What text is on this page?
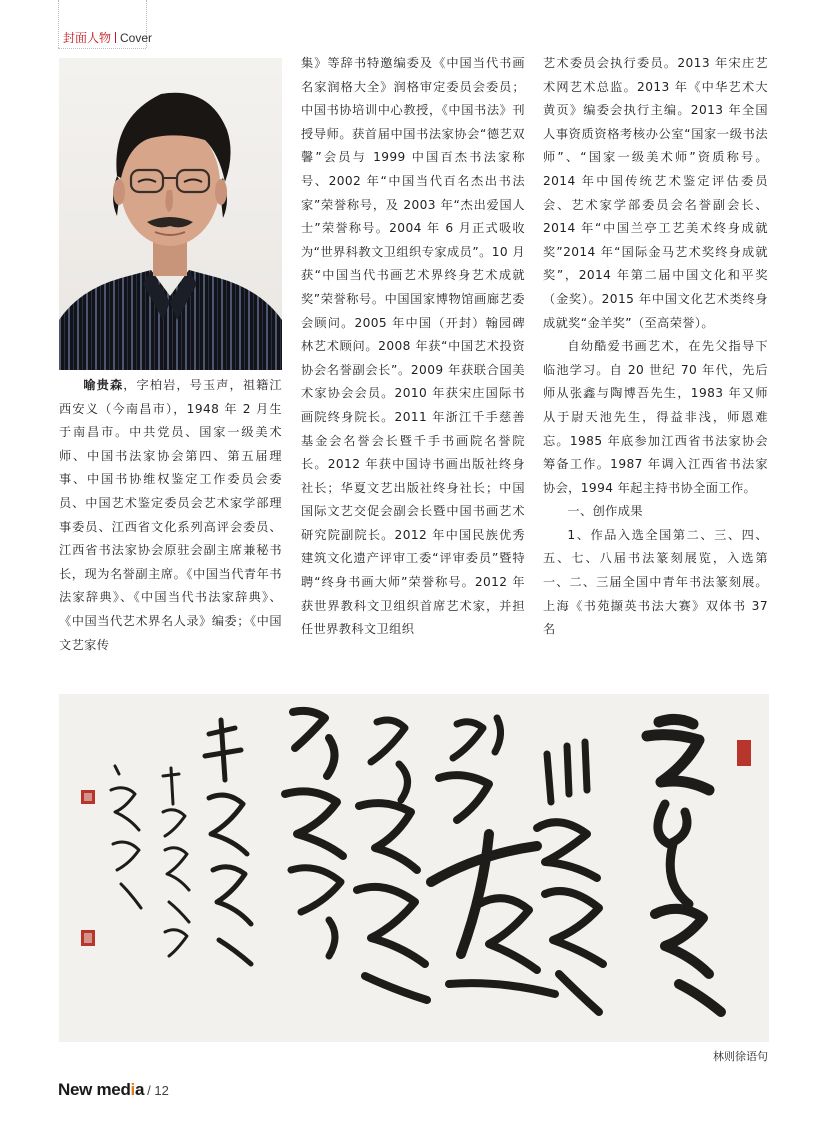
封面人物 Cover

喻贵森，字柏岩，号玉声，祖籍江西安义（今南昌市），1948 年 2 月生于南昌市。中共党员、国家一级美术师、中国书法家协会第四、第五届理事、中国书协维权鉴定工作委员会委员、中国艺术鉴定委员会艺术家学部理事委员、江西省文化系列高评会委员、江西省书法家协会原驻会副主席兼秘书长，现为名誉副主席。《中国当代青年书法家辞典》、《中国当代书法家辞典》、《中国当代艺术界名人录》编委；《中国文艺家传

集》等辞书特邀编委及《中国当代书画名家润格大全》润格审定委员会委员；中国书协培训中心教授，《中国书法》刊授导师。获首届中国书法家协会“德艺双馨”会员与 1999 中国百杰书法家称号、2002 年“中国当代百名杰出书法家”荣誉称号，及 2003 年“杰出爱国人士”荣誉称号。2004 年 6 月正式吸收为“世界科教文卫组织专家成员”。10 月获“中国当代书画艺术界终身艺术成就奖”荣誉称号。中国国家博物馆画廊艺委会顾问。2005 年中国（开封）翰园碑林艺术顾问。2008 年获“中国艺术投资协会名誉副会长”。2009 年获联合国美术家协会会员。2010 年获宋庄国际书画院终身院长。2011 年浙江千手慈善基金会名誉会长暨千手书画院名誉院长。2012 年获中国诗书画出版社终身社长；华夏文艺出版社终身社长；中国国际文艺交促会副会长暨中国书画艺术研究院副院长。2012 年中国民族优秀建筑文化遗产评审工委“评审委员”暨特聘“终身书画大师”荣誉称号。2012 年获世界教科文卫组织首席艺术家，并担任世界教科文卫组织

艺术委员会执行委员。2013 年宋庄艺术网艺术总监。2013 年《中华艺术大黄页》编委会执行主编。2013 年全国人事资质资格考核办公室“国家一级书法师”、“国家一级美术师”资质称号。2014 年中国传统艺术鉴定评估委员会、艺术家学部委员会名誉副会长、2014 年“中国兰亭工艺美术终身成就奖”2014 年“国际金马艺术奖终身成就奖”，2014 年第二届中国文化和平奖（金奖）。2015 年中国文化艺术类终身成就奖“金羊奖”（至高荣誉）。

自幼酷爱书画艺术，在先父指导下临池学习。自 20 世纪 70 年代，先后师从张鑫与陶博吾先生，1983 年又师从于尉天池先生，得益非浅，师恩难忘。1985 年底参加江西省书法家协会筹备工作。1987 年调入江西省书法家协会，1994 年起主持书协全面工作。

一、创作成果

1、作品入选全国第二、三、四、五、七、八届书法篆刻展览，入选第一、二、三届全国中青年书法篆刻展。上海《书苑撷英书法大赛》双体书 37 名

林则徐语句
New media / 12
